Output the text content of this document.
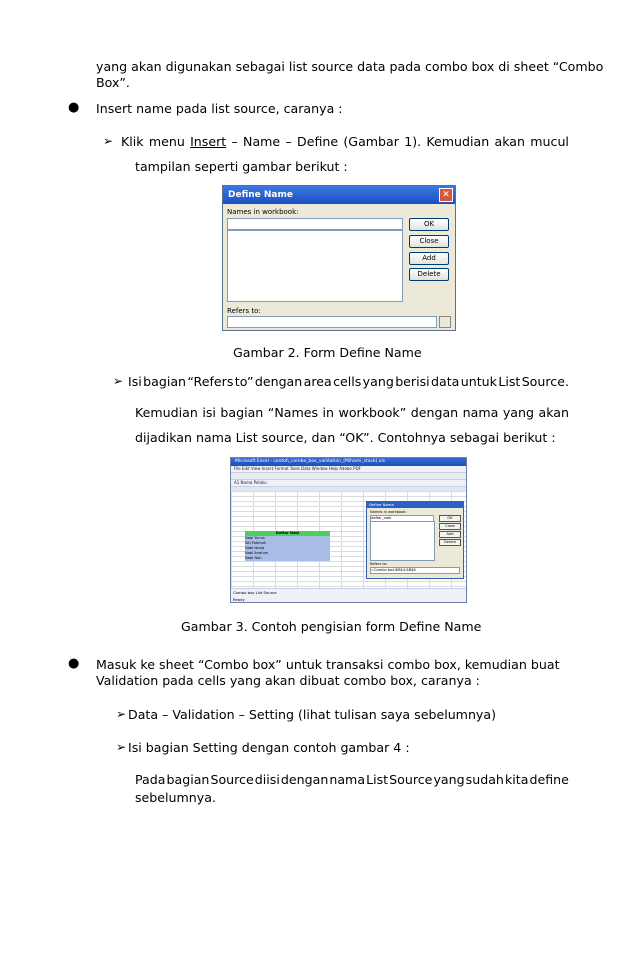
yang akan digunakan sebagai list source data pada combo box di sheet “Combo
Box”.
● Insert name pada list source, caranya :
➢ Klik menu Insert – Name – Define (Gambar 1). Kemudian akan mucul
tampilan seperti gambar berikut :
Define Name	✕
Names in workbook:
OK
Close
Add
Delete
Refers to:
Gambar 2. Form Define Name
➢ Isi bagian “Refers to” dengan area cells yang berisi data untuk List Source.
Kemudian isi bagian “Names in workbook” dengan nama yang akan
dijadikan nama List source, dan “OK”. Contohnya sebagai berikut :
Microsoft Excel - contoh_combo_box_validation_(Mihami_stock).xls
File Edit View Insert Format Tools Data Window Help Adobe PDF
A1 Nama Pelaku
Daftar Nabi
Nabi Yunus
Siti Fatimah
Nabi Ishaq
Nabi Ibrahim
Nabi Nuh
Define Name
Names in workbook:
daftar_nabi	OK
Close
Add
Delete
Refers to:
=Combo box!$B$4:$B$8
Combo box List Source
Ready
Gambar 3. Contoh pengisian form Define Name
● Masuk ke sheet “Combo box” untuk transaksi combo box, kemudian buat
Validation pada cells yang akan dibuat combo box, caranya :
➢ Data – Validation – Setting (lihat tulisan saya sebelumnya)
➢ Isi bagian Setting dengan contoh gambar 4 :
Pada bagian Source diisi dengan nama List Source yang sudah kita define
sebelumnya.
